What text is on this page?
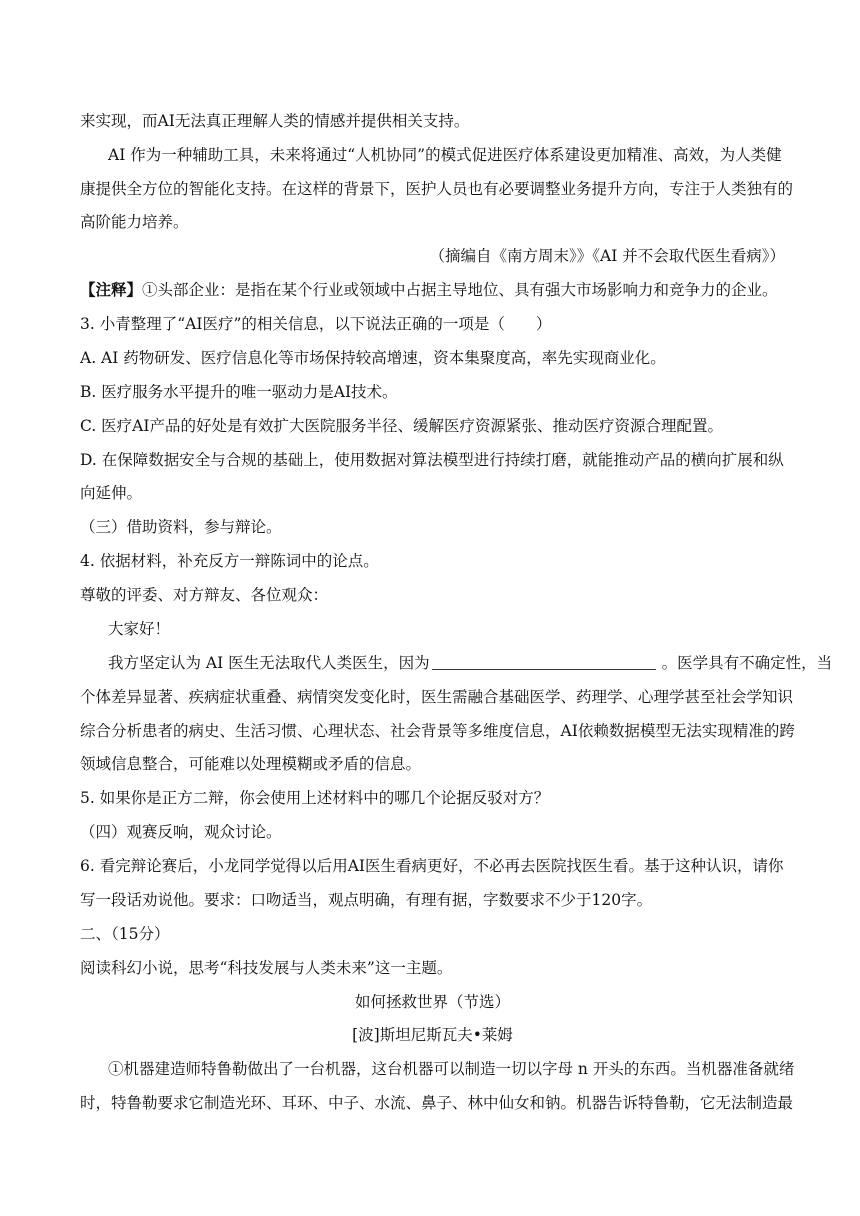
来实现，而AI无法真正理解人类的情感并提供相关支持。
AI 作为一种辅助工具，未来将通过“人机协同”的模式促进医疗体系建设更加精准、高效，为人类健
康提供全方位的智能化支持。在这样的背景下，医护人员也有必要调整业务提升方向，专注于人类独有的
高阶能力培养。
（摘编自《南方周末》》《AI 并不会取代医生看病》）
【注释】①头部企业：是指在某个行业或领域中占据主导地位、具有强大市场影响力和竞争力的企业。
3. 小青整理了“AI医疗”的相关信息，以下说法正确的一项是（　　）
A. AI 药物研发、医疗信息化等市场保持较高增速，资本集聚度高，率先实现商业化。
B. 医疗服务水平提升的唯一驱动力是AI技术。
C. 医疗AI产品的好处是有效扩大医院服务半径、缓解医疗资源紧张、推动医疗资源合理配置。
D. 在保障数据安全与合规的基础上，使用数据对算法模型进行持续打磨，就能推动产品的横向扩展和纵
向延伸。
（三）借助资料，参与辩论。
4. 依据材料，补充反方一辩陈词中的论点。
尊敬的评委、对方辩友、各位观众：
大家好！
我方坚定认为 AI 医生无法取代人类医生，因为	。医学具有不确定性，当
个体差异显著、疾病症状重叠、病情突发变化时，医生需融合基础医学、药理学、心理学甚至社会学知识
综合分析患者的病史、生活习惯、心理状态、社会背景等多维度信息，AI依赖数据模型无法实现精准的跨
领域信息整合，可能难以处理模糊或矛盾的信息。
5. 如果你是正方二辩，你会使用上述材料中的哪几个论据反驳对方？
（四）观赛反响，观众讨论。
6. 看完辩论赛后，小龙同学觉得以后用AI医生看病更好，不必再去医院找医生看。基于这种认识，请你
写一段话劝说他。要求：口吻适当，观点明确，有理有据，字数要求不少于120字。
二、（15分）
阅读科幻小说，思考“科技发展与人类未来”这一主题。
如何拯救世界（节选）
[波]斯坦尼斯瓦夫•莱姆
①机器建造师特鲁勒做出了一台机器，这台机器可以制造一切以字母 n 开头的东西。当机器准备就绪
时，特鲁勒要求它制造光环、耳环、中子、水流、鼻子、林中仙女和钠。机器告诉特鲁勒，它无法制造最
